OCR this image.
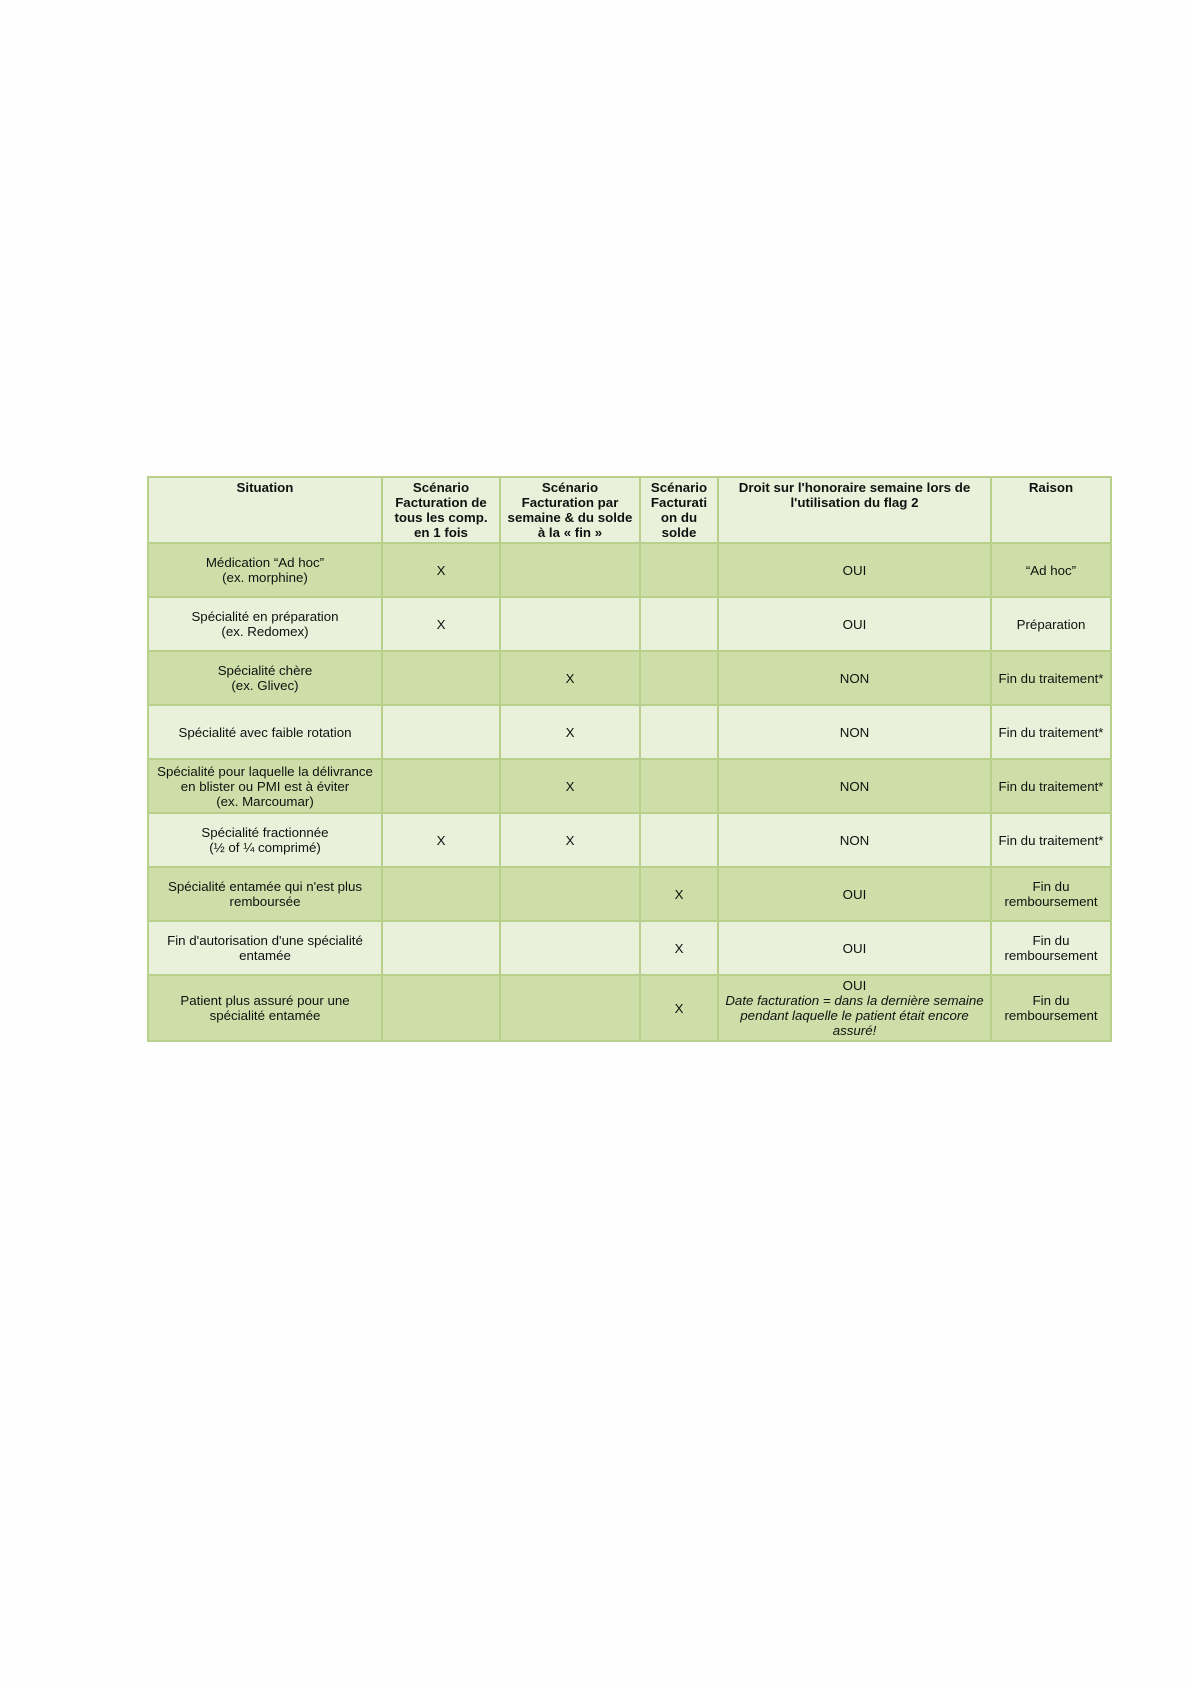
Situation	Scénario
Facturation de
tous les comp.
en 1 fois	Scénario
Facturation par
semaine & du solde
à la « fin »	Scénario
Facturati
on du
solde	Droit sur l'honoraire semaine lors de
l'utilisation du flag 2	Raison
Médication “Ad hoc”
(ex. morphine)	X			OUI	“Ad hoc”
Spécialité en préparation
(ex. Redomex)	X			OUI	Préparation
Spécialité chère
(ex. Glivec)		X		NON	Fin du traitement*
Spécialité avec faible rotation		X		NON	Fin du traitement*
Spécialité pour laquelle la délivrance
en blister ou PMI est à éviter
(ex. Marcoumar)		X		NON	Fin du traitement*
Spécialité fractionnée
(½ of ¼ comprimé)	X	X		NON	Fin du traitement*
Spécialité entamée qui n'est plus
remboursée			X	OUI	Fin du
remboursement
Fin d'autorisation d'une spécialité
entamée			X	OUI	Fin du
remboursement
Patient plus assuré pour une
spécialité entamée			X	OUI
Date facturation = dans la dernière semaine
pendant laquelle le patient était encore
assuré!	Fin du
remboursement
